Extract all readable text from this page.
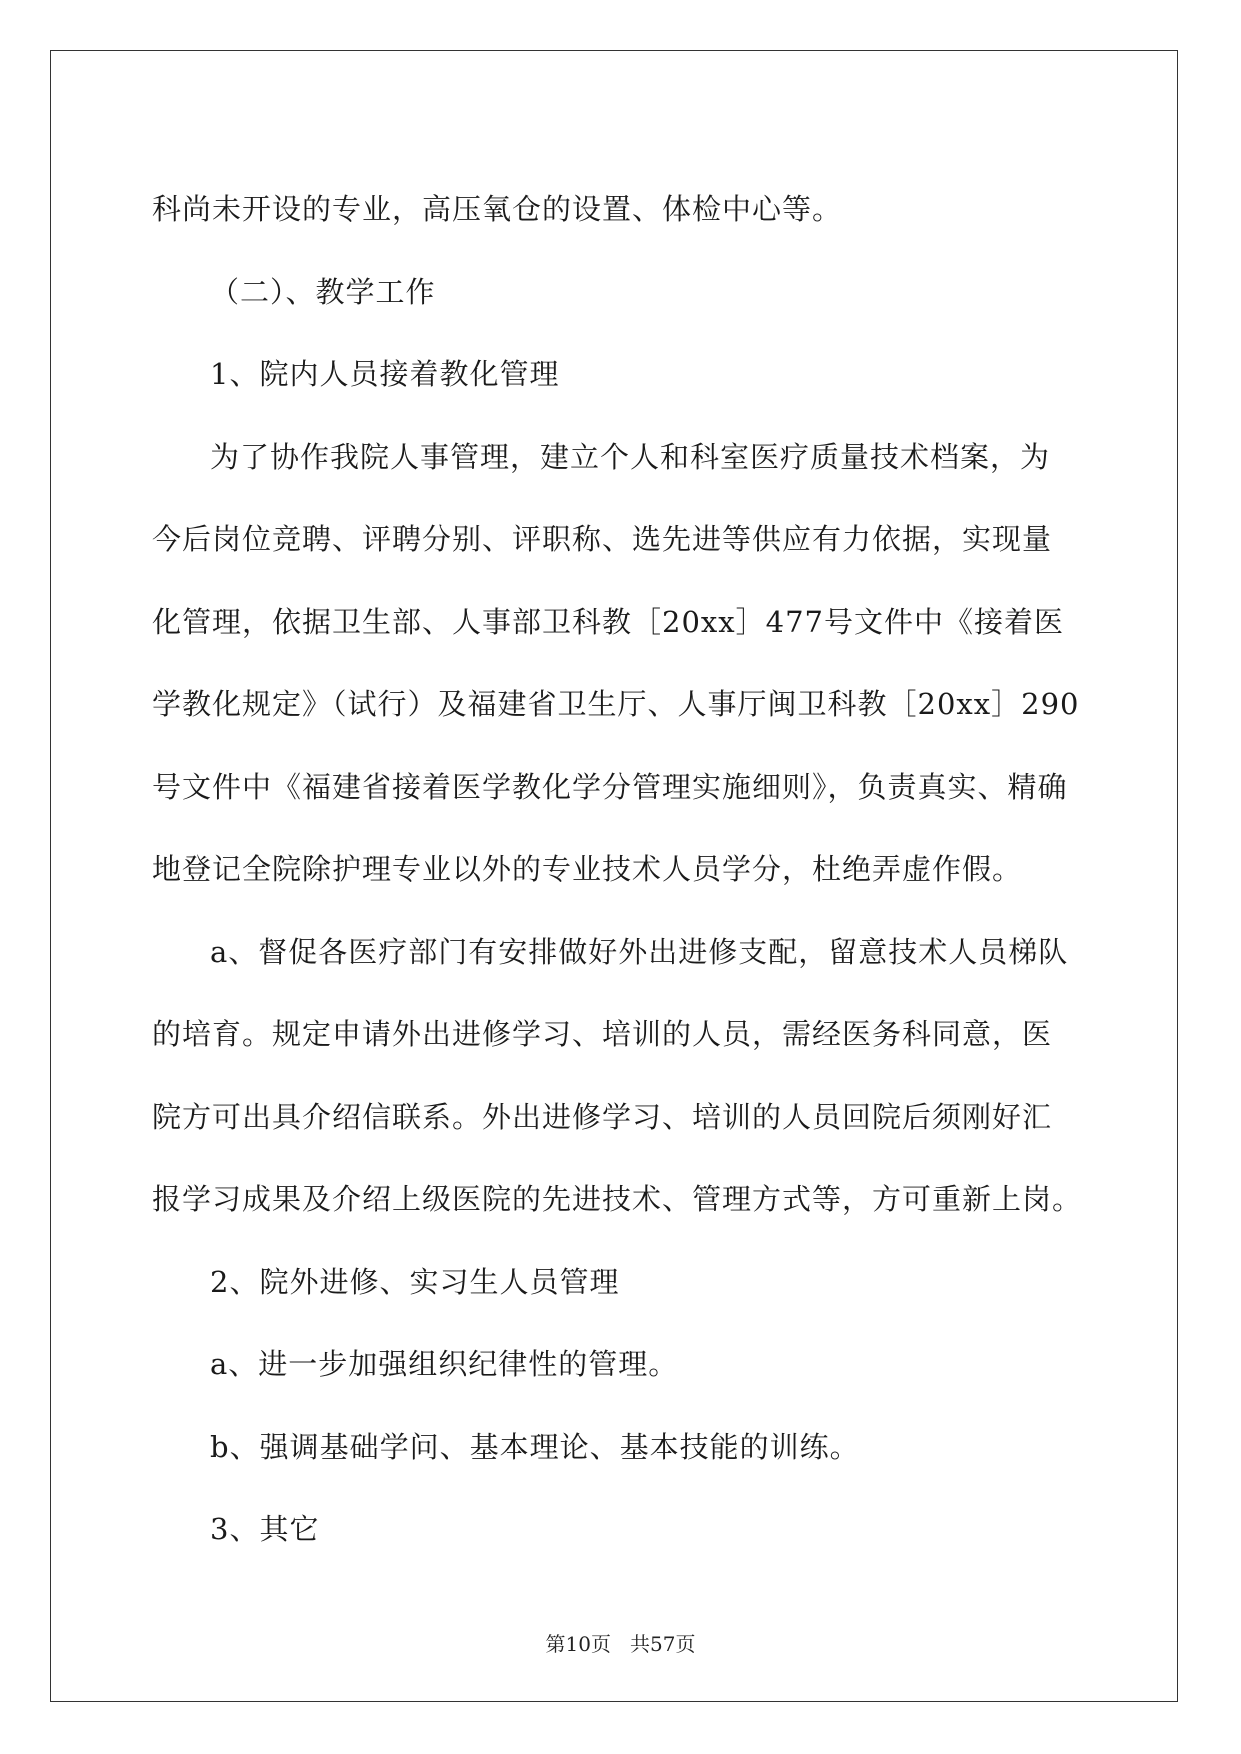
科尚未开设的专业，高压氧仓的设置、体检中心等。
（二）、教学工作
1、院内人员接着教化管理
为了协作我院人事管理，建立个人和科室医疗质量技术档案，为
今后岗位竞聘、评聘分别、评职称、选先进等供应有力依据，实现量
化管理，依据卫生部、人事部卫科教［20xx］477号文件中《接着医
学教化规定》（试行）及福建省卫生厅、人事厅闽卫科教［20xx］290
号文件中《福建省接着医学教化学分管理实施细则》，负责真实、精确
地登记全院除护理专业以外的专业技术人员学分，杜绝弄虚作假。
a、督促各医疗部门有安排做好外出进修支配，留意技术人员梯队
的培育。规定申请外出进修学习、培训的人员，需经医务科同意，医
院方可出具介绍信联系。外出进修学习、培训的人员回院后须刚好汇
报学习成果及介绍上级医院的先进技术、管理方式等，方可重新上岗。
2、院外进修、实习生人员管理
a、进一步加强组织纪律性的管理。
b、强调基础学问、基本理论、基本技能的训练。
3、其它
第10页 共57页
